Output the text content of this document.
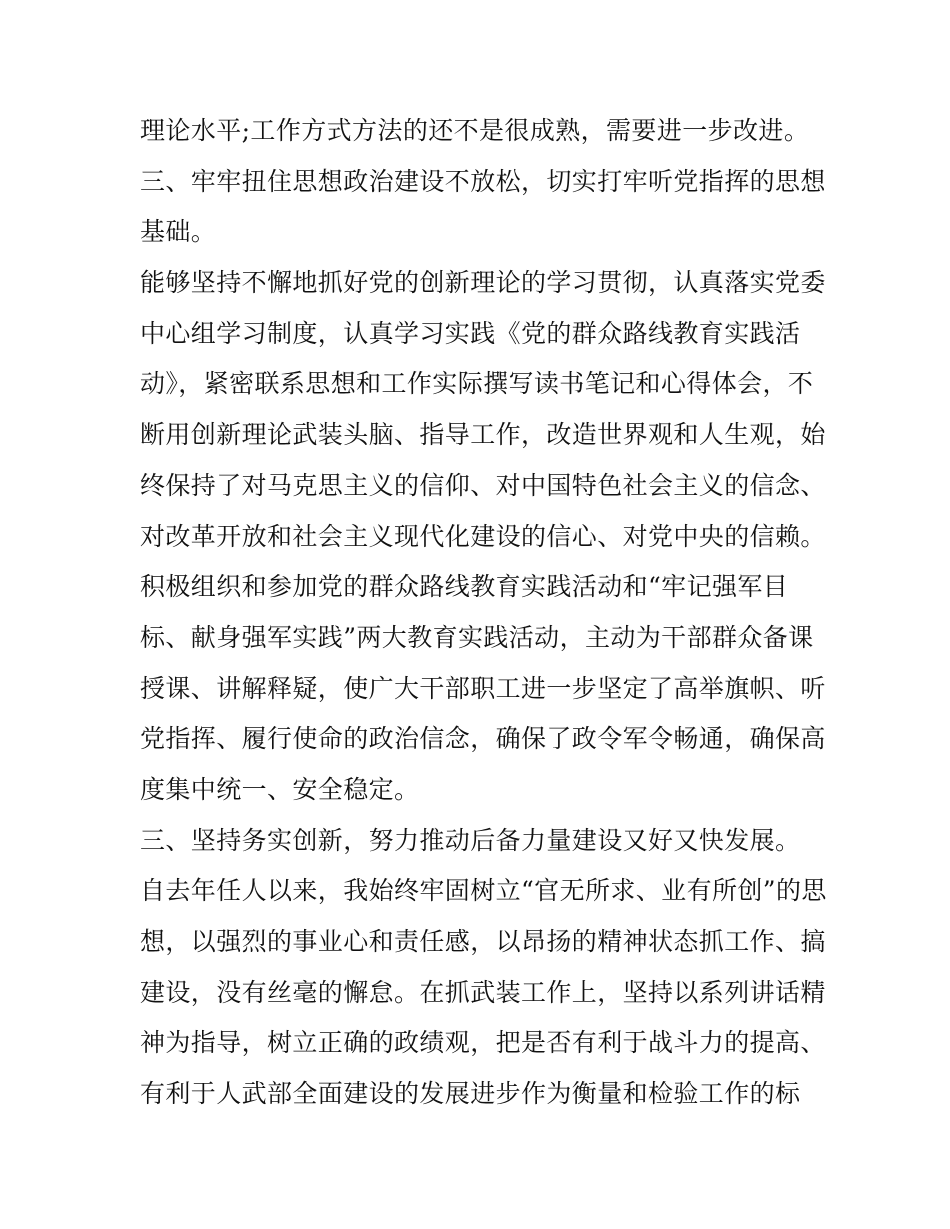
理论水平;工作方式方法的还不是很成熟，需要进一步改进。
三、牢牢扭住思想政治建设不放松，切实打牢听党指挥的思想
基础。
能够坚持不懈地抓好党的创新理论的学习贯彻，认真落实党委
中心组学习制度，认真学习实践《党的群众路线教育实践活
动》，紧密联系思想和工作实际撰写读书笔记和心得体会，不
断用创新理论武装头脑、指导工作，改造世界观和人生观，始
终保持了对马克思主义的信仰、对中国特色社会主义的信念、
对改革开放和社会主义现代化建设的信心、对党中央的信赖。
积极组织和参加党的群众路线教育实践活动和“牢记强军目
标、献身强军实践”两大教育实践活动，主动为干部群众备课
授课、讲解释疑，使广大干部职工进一步坚定了高举旗帜、听
党指挥、履行使命的政治信念，确保了政令军令畅通，确保高
度集中统一、安全稳定。
三、坚持务实创新，努力推动后备力量建设又好又快发展。
自去年任人以来，我始终牢固树立“官无所求、业有所创”的思
想，以强烈的事业心和责任感，以昂扬的精神状态抓工作、搞
建设，没有丝毫的懈怠。在抓武装工作上，坚持以系列讲话精
神为指导，树立正确的政绩观，把是否有利于战斗力的提高、
有利于人武部全面建设的发展进步作为衡量和检验工作的标
